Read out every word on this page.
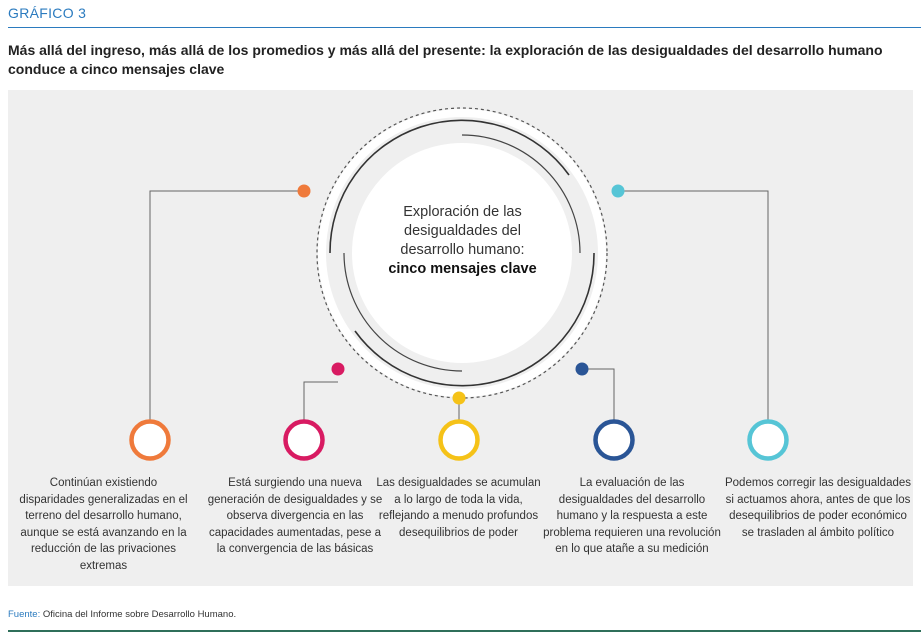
GRÁFICO 3
Más allá del ingreso, más allá de los promedios y más allá del presente: la exploración de las desigualdades del desarrollo humano conduce a cinco mensajes clave
Exploración de las
desigualdades del
desarrollo humano:
cinco mensajes clave
Continúan existiendo disparidades generalizadas en el terreno del desarrollo humano, aunque se está avanzando en la reducción de las privaciones extremas
Está surgiendo una nueva generación de desigualdades y se observa divergencia en las capacidades aumentadas, pese a la convergencia de las básicas
Las desigualdades se acumulan a lo largo de toda la vida, reflejando a menudo profundos desequilibrios de poder
La evaluación de las desigualdades del desarrollo humano y la respuesta a este problema requieren una revolución en lo que atañe a su medición
Podemos corregir las desigualdades si actuamos ahora, antes de que los desequilibrios de poder económico se trasladen al ámbito político
Fuente: Oficina del Informe sobre Desarrollo Humano.
